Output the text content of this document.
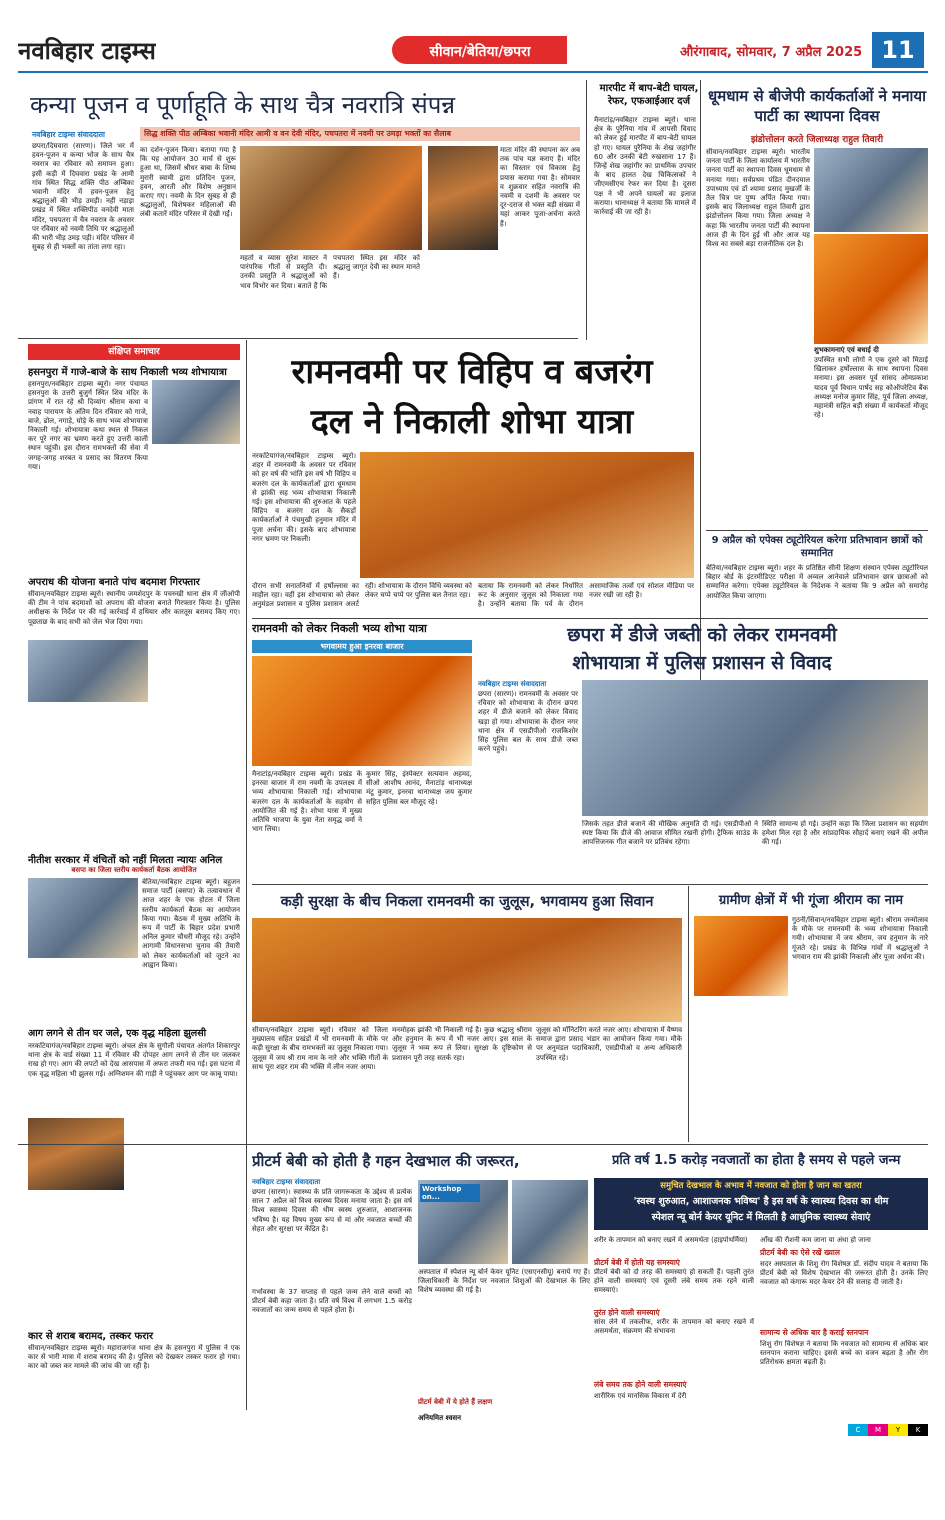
नवबिहार टाइम्स	सीवान/बेतिया/छपरा	औरंगाबाद, सोमवार, 7 अप्रैल 2025 11
कन्या पूजन व पूर्णाहूति के साथ चैत्र नवरात्रि संपन्न
नवबिहार टाइम्स संवाददाता	सिद्ध शक्ति पीठ अम्बिका भवानी मंदिर आमी व वन देवी मंदिर, पचपतरा में नवमी पर उमड़ा भक्तों का सैलाब
छपरा/दिघवारा (सारण)। जिले भर में हवन-पूजन व कन्या भोज के साथ चैत्र नवरात्र का रविवार को समापन हुआ। इसी कड़ी में दिघवारा प्रखंड के आमी गांव स्थित सिद्ध शक्ति पीठ अम्बिका भवानी मंदिर में हवन-पूजन हेतु श्रद्धालुओं की भीड़ उमड़ी। नहीं नड़ाइा प्रखंड में स्थित शक्तिपीठ वनदेवी माता मंदिर, पचपतरा में चैत्र नवरात्र के अवसर पर रविवार को नवमी तिथि पर श्रद्धालुओं की भारी भीड़ उमड़ पड़ी। मंदिर परिसर में सुबह से ही भक्तों का तांता लगा रहा।
का दर्शन-पूजन किया। बताया गया है कि यह आयोजन 30 मार्च से शुरू हुआ था, जिसमें श्रीधर बाबा के शिष्य मुरारी स्वामी द्वारा प्रतिदिन पूजन, हवन, आरती और विशेष अनुष्ठान कराए गए। नवमी के दिन सुबह से ही श्रद्धालुओं, विशेषकर महिलाओं की लंबी कतारें मंदिर परिसर में देखी गईं।
महतो व व्यास सुरेश मास्टर ने पारंपरिक गीतों से प्रस्तुति दी। उनकी प्रस्तुति ने श्रद्धालुओं को भाव विभोर कर दिया। बताते हैं कि पचपतरा स्थित इस मंदिर को श्रद्धालु जागृत देवी का स्थान मानते हैं।
माता मंदिर की स्थापना कर अब तक पांच यज्ञ कराए हैं। मंदिर का विस्तार एवं विकास हेतु प्रयास कराया गया है। सोमवार व शुक्रवार सहित नवरात्रि की नवमी व दशमी के अवसर पर दूर-दराज से भक्त बड़ी संख्या में यहां आकर पूजा-अर्चना करते हैं।
मारपीट में बाप-बेटी घायल, रेफर, एफआईआर दर्ज
मैनाटांड़/नवबिहार टाइम्स ब्यूरो। थाना क्षेत्र के पुरैनिया गांव में आपसी विवाद को लेकर हुई मारपीट में बाप-बेटी घायल हो गए। घायल पुरैनिया के शेख जहांगीर 60 और उनकी बेटी रुखसाना 17 हैं। जिन्हें शेख जहांगीर का प्राथमिक उपचार के बाद हालत देख चिकित्सकों ने जीएमसीएच रेफर कर दिया है। दूसरा पक्ष ने भी अपने घायलों का इलाज कराया। थानाध्यक्ष ने बताया कि मामले में कार्रवाई की जा रही है।
धूमधाम से बीजेपी कार्यकर्ताओं ने मनाया पार्टी का स्थापना दिवस
झंडोत्तोलन करते जिलाध्यक्ष राहुल तिवारी
सीवान/नवबिहार टाइम्स ब्यूरो। भारतीय जनता पार्टी के जिला कार्यालय में भारतीय जनता पार्टी का स्थापना दिवस धूमधाम से मनाया गया। सर्वप्रथम पंडित दीनदयाल उपाध्याय एवं डॉ श्यामा प्रसाद मुखर्जी के तैल चित्र पर पुष्प अर्पित किया गया। इसके बाद जिलाध्यक्ष राहुल तिवारी द्वारा झंडोत्तोलन किया गया। जिला अध्यक्ष ने कहा कि भारतीय जनता पार्टी की स्थापना आज ही के दिन हुई थी और आज यह विश्व का सबसे बड़ा राजनीतिक दल है।
शुभकामनाएं एवं बधाई दी
उपस्थित सभी लोगों ने एक दूसरे को मिठाई खिलाकर हर्षोल्लास के साथ स्थापना दिवस मनाया। इस अवसर पूर्व सांसद ओमप्रकाश यादव पूर्व विधान पार्षद सह कोऑपरेटिव बैंक अध्यक्ष मनोज कुमार सिंह, पूर्व जिला अध्यक्ष, महामंत्री सहित बड़ी संख्या में कार्यकर्ता मौजूद रहे।
9 अप्रैल को एपेक्स ट्यूटोरियल करेगा प्रतिभावान छात्रों को सम्मानित
बेतिया/नवबिहार टाइम्स ब्यूरो। शहर के प्रतिष्ठित सीनी शिक्षण संस्थान एपेक्स ट्यूटोरियल बिहार बोर्ड के इंटरमीडिएट परीक्षा में अव्वल आनेवाले प्रतिभावान छात्र छात्राओं को सम्मानित करेगा। एपेक्स ट्यूटोरियल के निदेशक ने बताया कि 9 अप्रैल को समारोह आयोजित किया जाएगा।
संक्षिप्त समाचार
हसनपुरा में गाजे-बाजे के साथ निकाली भव्य शोभायात्रा
हसनपुरा/नवबिहार टाइम्स ब्यूरो। नगर पंचायत हसनपुरा के उत्तरी बुजुर्ग स्थित शिव मंदिर के प्रांगण में रात रहे श्री दिव्यांग श्रीराम कथा व नवाह पारायण के अंतिम दिन रविवार को गाजे, बाजे, ढोल, नगाड़े, घोड़े के साथ भव्य शोभायात्रा निकाली गई। शोभायात्रा कथा स्थल से निकल कर पूरे नगर का भ्रमण करते हुए उत्तरी काली स्थान पहुंची। इस दौरान रामभक्तों की सेवा में जगह-जगह शरबत व प्रसाद का वितरण किया गया।
अपराध की योजना बनाते पांच बदमाश गिरफ्तार
सीवान/नवबिहार टाइम्स ब्यूरो। स्थानीय जमशेदपुर के पचरुखी थाना क्षेत्र में जीओपी की टीम ने पांच बदमाशों को अपराध की योजना बनाते गिरफ्तार किया है। पुलिस अधीक्षक के निर्देश पर की गई कार्रवाई में हथियार और कारतूस बरामद किए गए। पूछताछ के बाद सभी को जेल भेज दिया गया।
नीतीश सरकार में वंचितों को नहीं मिलता न्यायः अनिल
बसपा का जिला स्तरीय कार्यकर्ता बैठक आयोजित
बेतिया/नवबिहार टाइम्स ब्यूरो। बहुजन समाज पार्टी (बसपा) के तत्वावधान में आज शहर के एक होटल में जिला स्तरीय कार्यकर्ता बैठक का आयोजन किया गया। बैठक में मुख्य अतिथि के रूप में पार्टी के बिहार प्रदेश प्रभारी अनिल कुमार चौधरी मौजूद रहे। उन्होंने आगामी विधानसभा चुनाव की तैयारी को लेकर कार्यकर्ताओं को जुटने का आह्वान किया।
आग लगने से तीन घर जले, एक वृद्ध महिला झुलसी
नरकटियागंज/नवबिहार टाइम्स ब्यूरो। अंचल क्षेत्र के सुगौली पंचायत अंतर्गत शिकारपुर थाना क्षेत्र के वार्ड संख्या 11 में रविवार की दोपहर आग लगने से तीन घर जलकर राख हो गए। आग की लपटों को देख आसपास में अफरा तफरी मच गई। इस घटना में एक वृद्ध महिला भी झुलस गई। अग्निशमन की गाड़ी ने पहुंचकर आग पर काबू पाया।
कार से शराब बरामद, तस्कर फरार
सीवान/नवबिहार टाइम्स ब्यूरो। महाराजगंज थाना क्षेत्र के हसनपुरा में पुलिस ने एक कार से भारी मात्रा में शराब बरामद की है। पुलिस को देखकर तस्कर फरार हो गया। कार को जब्त कर मामले की जांच की जा रही है।
रामनवमी पर विहिप व बजरंग
दल ने निकाली शोभा यात्रा
नरकटियागंज/नवबिहार टाइम्स ब्यूरो। शहर में रामनवमी के अवसर पर रविवार को हर वर्ष की भांति इस वर्ष भी विहिप व बजरंग दल के कार्यकर्ताओं द्वारा धूमधाम से झांकी सह भव्य शोभायात्रा निकाली गई। इस शोभायात्रा की शुरुआत के पहले विहिप व बजरंग दल के सैकड़ों कार्यकर्ताओं ने पंचमुखी हनुमान मंदिर में पूजा अर्चना की। इसके बाद शोभायात्रा नगर भ्रमण पर निकली।
दौरान सभी सनातनियों में हर्षोल्लास का माहौल रहा। वहीं इस शोभायात्रा को लेकर अनुमंडल प्रशासन व पुलिस प्रशासन अलर्ट रही। शोभायात्रा के दौरान विधि व्यवस्था को लेकर चप्पे चप्पे पर पुलिस बल तैनात रहा।
बताया कि रामनवमी को लेकर निर्धारित रूट के अनुसार जुलूस को निकाला गया है। उन्होंने बताया कि पर्व के दौरान असामाजिक तत्वों एवं सोशल मीडिया पर नजर रखी जा रही है।
रामनवमी को लेकर निकली भव्य शोभा यात्रा
भगवामय हुआ इनरवा बाजार
मैनाटांड़/नवबिहार टाइम्स ब्यूरो। प्रखंड के इनरवा बाजार में राम नवमी के उपलक्ष्य में भव्य शोभायात्रा निकाली गई। शोभायात्रा बजरंग दल के कार्यकर्ताओं के सहयोग से आयोजित की गई है। शोभा यात्रा में मुख्य अतिथि भाजपा के युवा नेता समृद्ध वर्मा ने भाग लिया।
कुमार सिंह, इंस्पेक्टर सत्यवान अहमद, सीओ आशीष आनंद, मैनाटांड़ थानाध्यक्ष मंटू कुमार, इनरवा थानाध्यक्ष जय कुमार सहित पुलिस बल मौजूद रहे।
छपरा में डीजे जब्ती को लेकर रामनवमी
शोभायात्रा में पुलिस प्रशासन से विवाद
नवबिहार टाइम्स संवाददाता
छपरा (सारण)। रामनवमी के अवसर पर रविवार को शोभायात्रा के दौरान छपरा शहर में डीजे बजाने को लेकर विवाद खड़ा हो गया। शोभायात्रा के दौरान नगर थाना क्षेत्र में एसडीपीओ राजकिशोर सिंह पुलिस बल के साथ डीजे जब्त करने पहुंचे।
जिसके तहत डीजे बजाने की मौखिक अनुमति दी गई। एसडीपीओ ने स्पष्ट किया कि डीजे की आवाज सीमित रखनी होगी। ट्रैफिक साउंड के आपत्तिजनक गीत बजाने पर प्रतिबंध रहेगा।
स्थिति सामान्य हो गई। उन्होंने कहा कि जिला प्रशासन का सहयोग हमेशा मिल रहा है और सांप्रदायिक सौहार्द बनाए रखने की अपील की गई।
कड़ी सुरक्षा के बीच निकला रामनवमी का जुलूस, भगवामय हुआ सिवान
सीवान/नवबिहार टाइम्स ब्यूरो। रविवार को जिला मुख्यालय सहित प्रखंडों में भी रामनवमी के मौके पर कड़ी सुरक्षा के बीच रामभक्तों का जुलूस निकाला गया। जुलूस में जय श्री राम नाम के नारे और भक्ति गीतों के साथ पूरा शहर राम की भक्ति में लीन नजर आया।
मनमोहक झांकी भी निकाली गई है। कुछ श्रद्धालु श्रीराम और हनुमान के रूप में भी नजर आए। इस साल के जुलूस ने भव्य रूप ले लिया। सुरक्षा के दृष्टिकोण से प्रशासन पूरी तरह सतर्क रहा।
जुलूस को मॉनिटरिंग करते नजर आए। शोभायात्रा में वैष्णव समाज द्वारा प्रसाद भंडार का आयोजन किया गया। मौके पर अनुमंडल पदाधिकारी, एसडीपीओ व अन्य अधिकारी उपस्थित रहे।
ग्रामीण क्षेत्रों में भी गूंजा श्रीराम का नाम
गुठनी/सिवान/नवबिहार टाइम्स ब्यूरो। श्रीराम जन्मोत्सव के मौके पर रामनवमी के भव्य शोभायात्रा निकाली गयी। शोभायात्रा में जय श्रीराम, जय हनुमान के नारे गूंजते रहे। प्रखंड के विभिन्न गांवों में श्रद्धालुओं ने भगवान राम की झांकी निकाली और पूजा अर्चना की।
प्रीटर्म बेबी को होती है गहन देखभाल की जरूरत,	प्रति वर्ष 1.5 करोड़ नवजातों का होता है समय से पहले जन्म
नवबिहार टाइम्स संवाददाता
छपरा (सारण)। स्वास्थ्य के प्रति जागरूकता के उद्देश्य से प्रत्येक साल 7 अप्रैल को विश्व स्वास्थ्य दिवस मनाया जाता है। इस वर्ष विश्व स्वास्थ्य दिवस की थीम स्वस्थ शुरुआत, आशाजनक भविष्य है। यह विषय मुख्य रूप से मां और नवजात बच्चों की सेहत और सुरक्षा पर केंद्रित है।
गर्भावस्था के 37 सप्ताह से पहले जन्म लेने वाले बच्चों को प्रीटर्म बेबी कहा जाता है। प्रति वर्ष विश्व में लगभग 1.5 करोड़ नवजातों का जन्म समय से पहले होता है।
Workshop on...
अस्पताल में स्पेशल न्यू बोर्न केयर यूनिट (एसएनसीयू) बनाये गए हैं। जिलाधिकारी के निर्देश पर नवजात शिशुओं की देखभाल के लिए विशेष व्यवस्था की गई है।
अनियमित श्वसन
प्रीटर्म बेबी में ये होते हैं लक्षण
समुचित देखभाल के अभाव में नवजात को होता है जान का खतरा
'स्वस्थ शुरुआत, आशाजनक भविष्य' है इस वर्ष के स्वास्थ्य दिवस का थीम
स्पेशल न्यू बोर्न केयर यूनिट में मिलती है आधुनिक स्वास्थ्य सेवाएं
शरीर के तापमान को बनाए रखने में असमर्थता (हाइपोथर्मिया)
प्रीटर्म बेबी में होती यह समस्याएं
प्रीटर्म बेबी को दो तरह की समस्याएं हो सकती हैं। पहली तुरंत होने वाली समस्याएं एवं दूसरी लंबे समय तक रहने वाली समस्याएं।
तुरंत होने वाली समस्याएं
सांस लेने में तकलीफ, शरीर के तापमान को बनाए रखने में असमर्थता, संक्रमण की संभावना
लंबे समय तक होने वाली समस्याएं
शारीरिक एवं मानसिक विकास में देरी
आँख की रौशनी कम जाना या अंधा हो जाना
प्रीटर्म बेबी का ऐसे रखें ख्याल
सदर अस्पताल के शिशु रोग विशेषज्ञ डॉ. संदीप यादव ने बताया कि प्रीटर्म बेबी को विशेष देखभाल की जरूरत होती है। उनके लिए नवजात को कंगारू मदर केयर देने की सलाह दी जाती है।
सामान्य से अधिक बार है कराई स्तनपान
शिशु रोग विशेषज्ञ ने बताया कि नवजात को सामान्य से अधिक बार स्तनपान कराना चाहिए। इससे बच्चे का वजन बढ़ता है और रोग प्रतिरोधक क्षमता बढ़ती है।
C	M	Y	K
